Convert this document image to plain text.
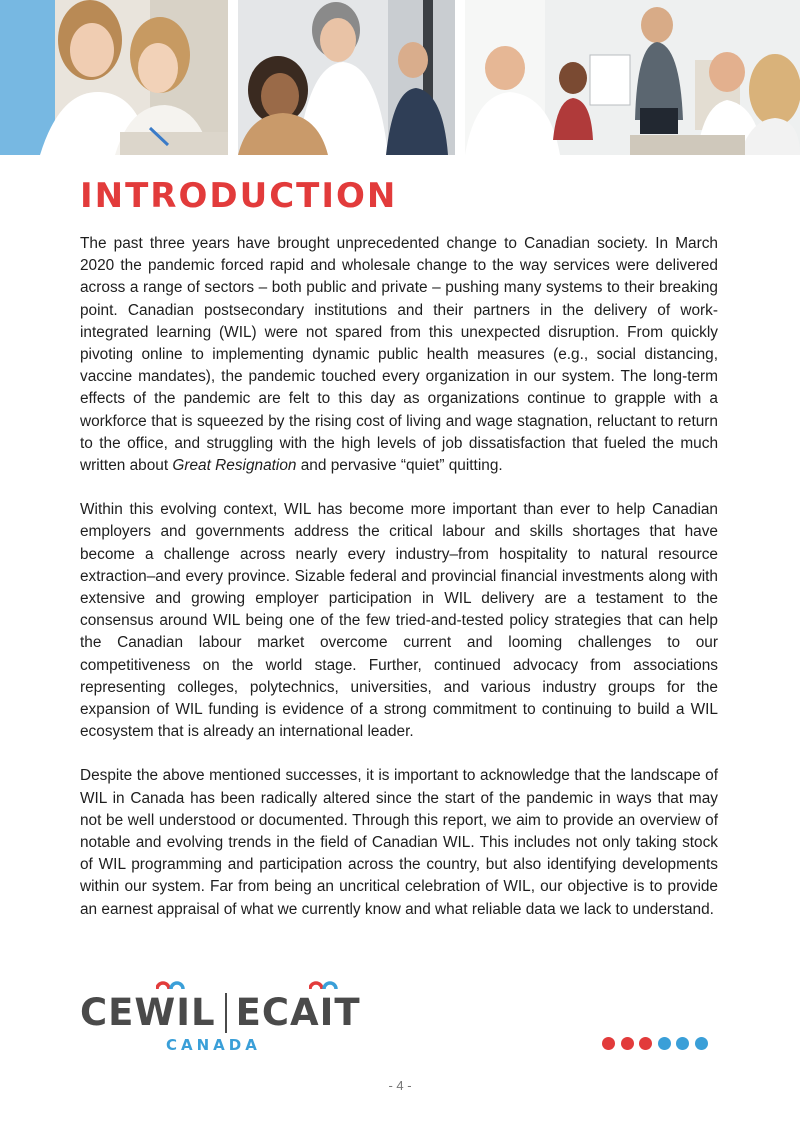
INTRODUCTION

The past three years have brought unprecedented change to Canadian society. In March 2020 the pandemic forced rapid and wholesale change to the way services were delivered across a range of sectors – both public and private – pushing many systems to their breaking point. Canadian postsecondary institutions and their partners in the delivery of work-integrated learning (WIL) were not spared from this unexpected disruption. From quickly pivoting online to implementing dynamic public health measures (e.g., social distancing, vaccine mandates), the pandemic touched every organization in our system. The long-term effects of the pandemic are felt to this day as organizations continue to grapple with a workforce that is squeezed by the rising cost of living and wage stagnation, reluctant to return to the office, and struggling with the high levels of job dissatisfaction that fueled the much written about Great Resignation and pervasive “quiet” quitting.

Within this evolving context, WIL has become more important than ever to help Canadian employers and governments address the critical labour and skills shortages that have become a challenge across nearly every industry–from hospitality to natural resource extraction–and every province. Sizable federal and provincial financial investments along with extensive and growing employer participation in WIL delivery are a testament to the consensus around WIL being one of the few tried-and-tested policy strategies that can help the Canadian labour market overcome current and looming challenges to our competitiveness on the world stage. Further, continued advocacy from associations representing colleges, polytechnics, universities, and various industry groups for the expansion of WIL funding is evidence of a strong commitment to continuing to build a WIL ecosystem that is already an international leader.

Despite the above mentioned successes, it is important to acknowledge that the landscape of WIL in Canada has been radically altered since the start of the pandemic in ways that may not be well understood or documented. Through this report, we aim to provide an overview of notable and evolving trends in the field of Canadian WIL. This includes not only taking stock of WIL programming and participation across the country, but also identifying developments within our system. Far from being an uncritical celebration of WIL, our objective is to provide an earnest appraisal of what we currently know and what reliable data we lack to understand.

CEWIL ECAIT
CANADA
- 4 -
